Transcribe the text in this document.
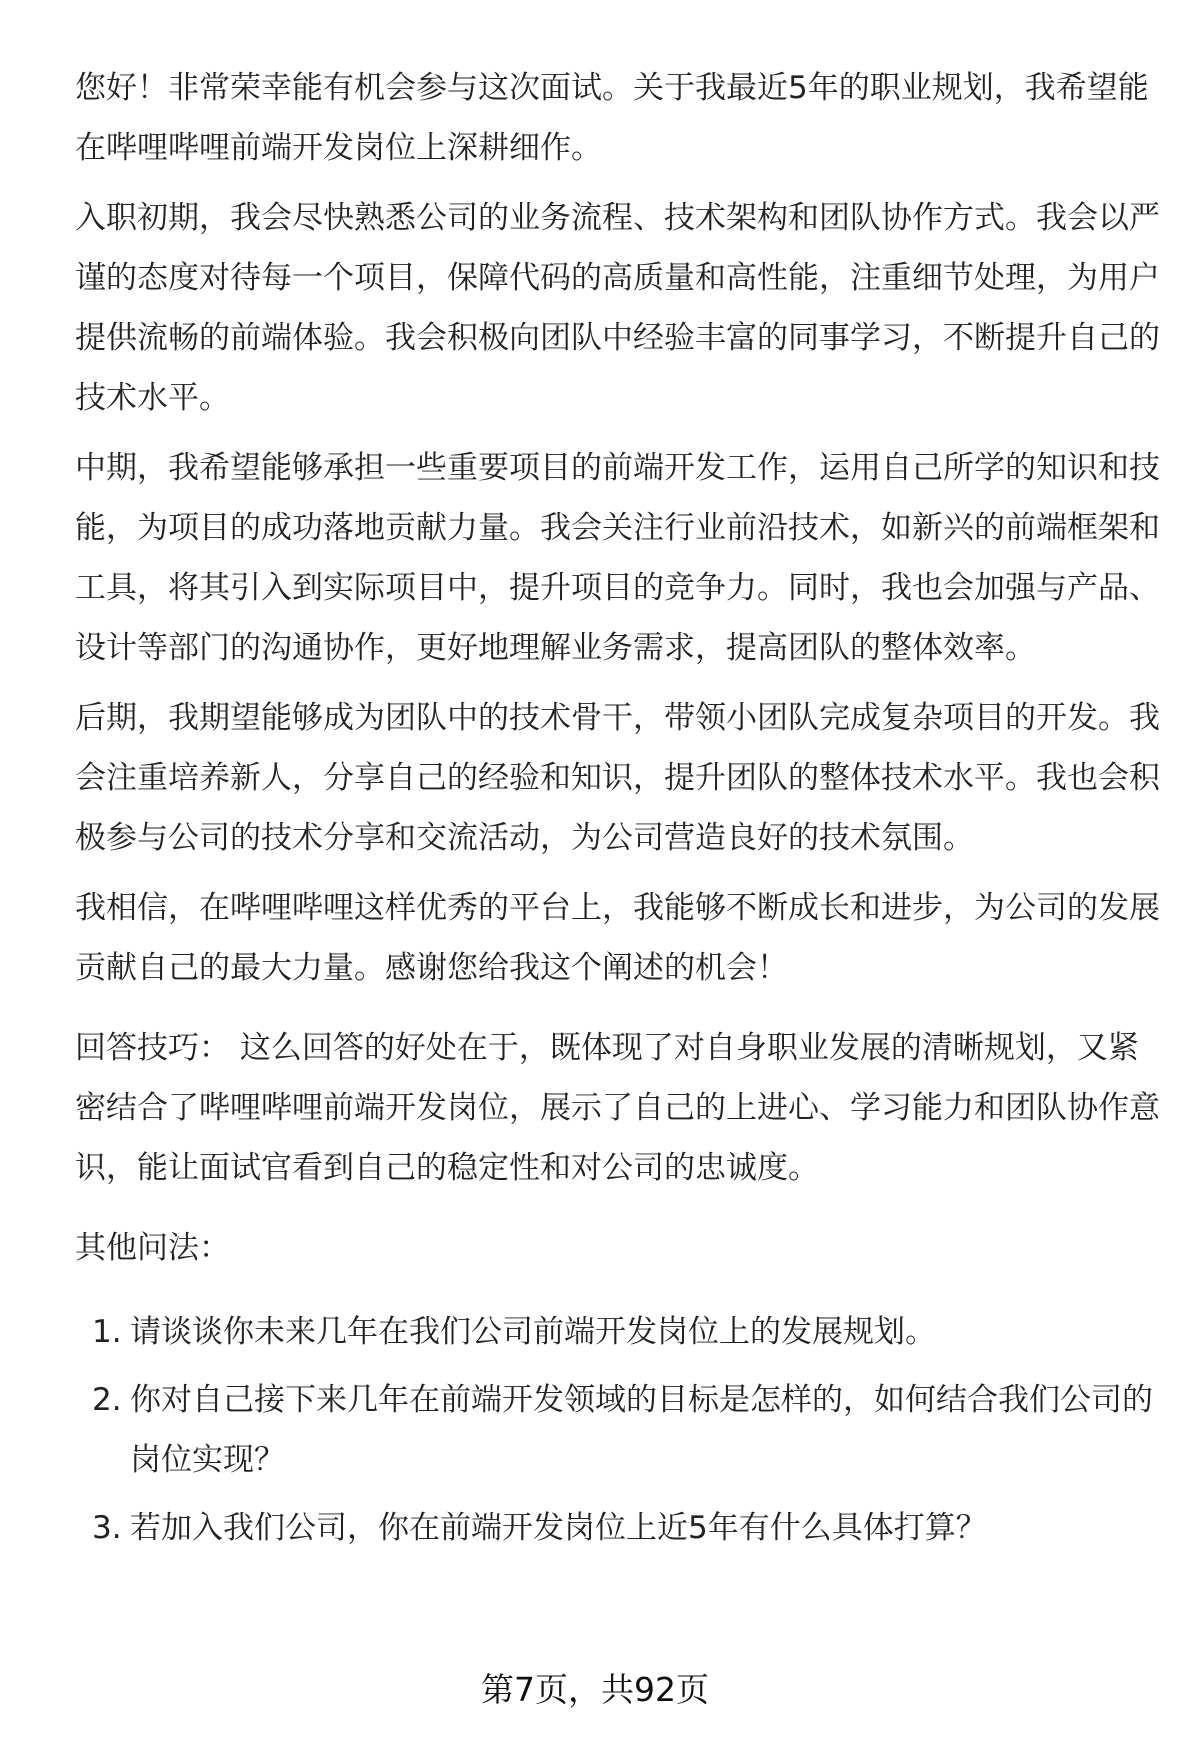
您好！非常荣幸能有机会参与这次面试。关于我最近5年的职业规划，我希望能在哔哩哔哩前端开发岗位上深耕细作。

入职初期，我会尽快熟悉公司的业务流程、技术架构和团队协作方式。我会以严谨的态度对待每一个项目，保障代码的高质量和高性能，注重细节处理，为用户提供流畅的前端体验。我会积极向团队中经验丰富的同事学习，不断提升自己的技术水平。

中期，我希望能够承担一些重要项目的前端开发工作，运用自己所学的知识和技能，为项目的成功落地贡献力量。我会关注行业前沿技术，如新兴的前端框架和工具，将其引入到实际项目中，提升项目的竞争力。同时，我也会加强与产品、设计等部门的沟通协作，更好地理解业务需求，提高团队的整体效率。

后期，我期望能够成为团队中的技术骨干，带领小团队完成复杂项目的开发。我会注重培养新人，分享自己的经验和知识，提升团队的整体技术水平。我也会积极参与公司的技术分享和交流活动，为公司营造良好的技术氛围。

我相信，在哔哩哔哩这样优秀的平台上，我能够不断成长和进步，为公司的发展贡献自己的最大力量。感谢您给我这个阐述的机会！

回答技巧： 这么回答的好处在于，既体现了对自身职业发展的清晰规划，又紧密结合了哔哩哔哩前端开发岗位，展示了自己的上进心、学习能力和团队协作意识，能让面试官看到自己的稳定性和对公司的忠诚度。

其他问法：

1. 请谈谈你未来几年在我们公司前端开发岗位上的发展规划。
2. 你对自己接下来几年在前端开发领域的目标是怎样的，如何结合我们公司的岗位实现？
3. 若加入我们公司，你在前端开发岗位上近5年有什么具体打算？
第7页，共92页
